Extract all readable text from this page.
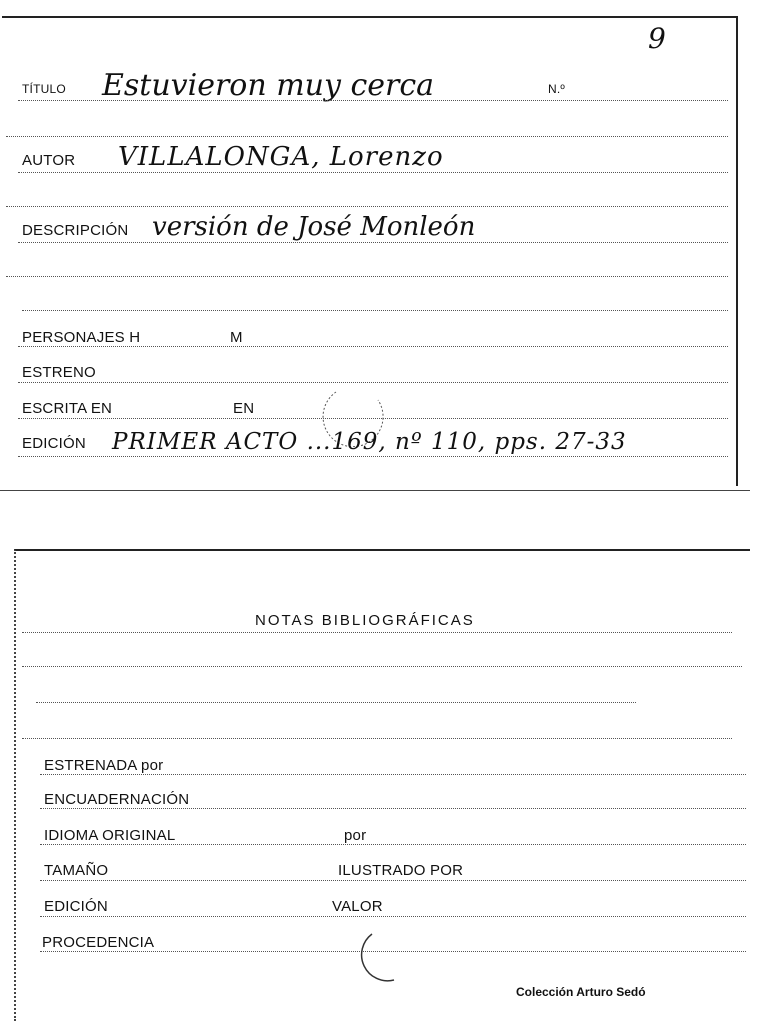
9
TÍTULO Estuvieron muy cerca	N.º
AUTOR VILLALONGA, Lorenzo
DESCRIPCIÓN versión de José Monleón
PERSONAJES H	M
ESTRENO
ESCRITA EN	EN
EDICIÓN PRIMER ACTO ...169, nº 110, pps. 27-33
NOTAS BIBLIOGRÁFICAS
ESTRENADA por
ENCUADERNACIÓN
IDIOMA ORIGINAL	por
TAMAÑO	ILUSTRADO POR
EDICIÓN	VALOR
PROCEDENCIA
Colección Arturo Sedó
